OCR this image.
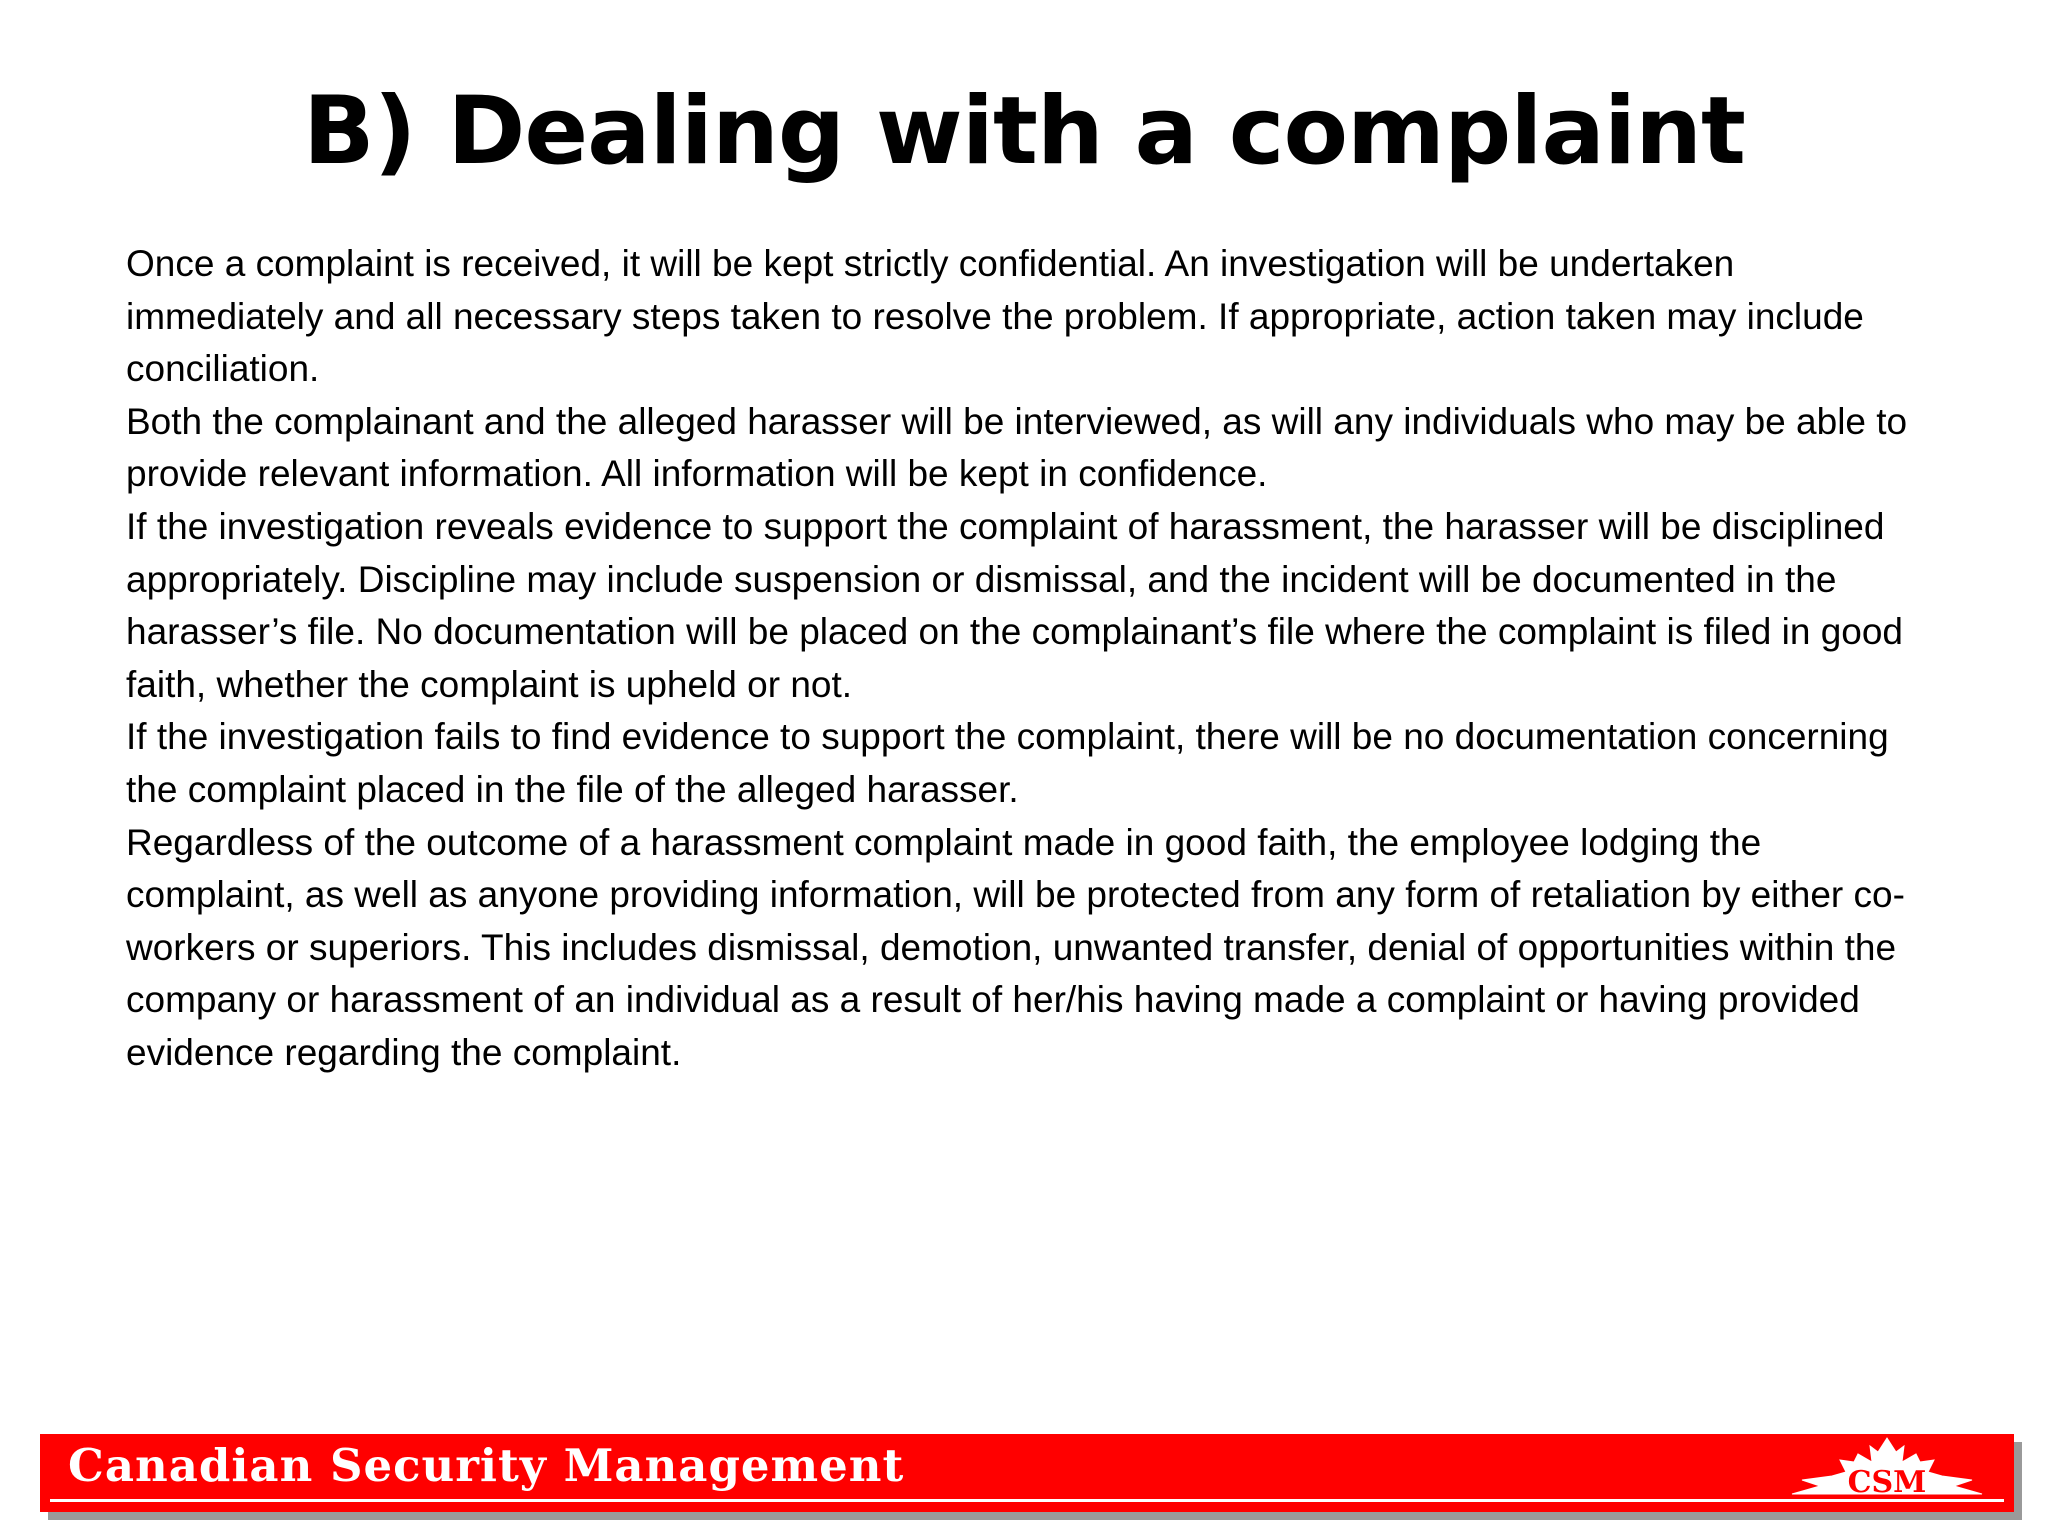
B) Dealing with a complaint

Once a complaint is received, it will be kept strictly confidential. An investigation will be undertaken immediately and all necessary steps taken to resolve the problem. If appropriate, action taken may include conciliation.

Both the complainant and the alleged harasser will be interviewed, as will any individuals who may be able to provide relevant information. All information will be kept in confidence.

If the investigation reveals evidence to support the complaint of harassment, the harasser will be disciplined appropriately. Discipline may include suspension or dismissal, and the incident will be documented in the harasser’s file. No documentation will be placed on the complainant’s file where the complaint is filed in good faith, whether the complaint is upheld or not.

If the investigation fails to find evidence to support the complaint, there will be no documentation concerning the complaint placed in the file of the alleged harasser.

Regardless of the outcome of a harassment complaint made in good faith, the employee lodging the complaint, as well as anyone providing information, will be protected from any form of retaliation by either co-workers or superiors. This includes dismissal, demotion, unwanted transfer, denial of opportunities within the company or harassment of an individual as a result of her/his having made a complaint or having provided evidence regarding the complaint.

Canadian Security Management	CSM
